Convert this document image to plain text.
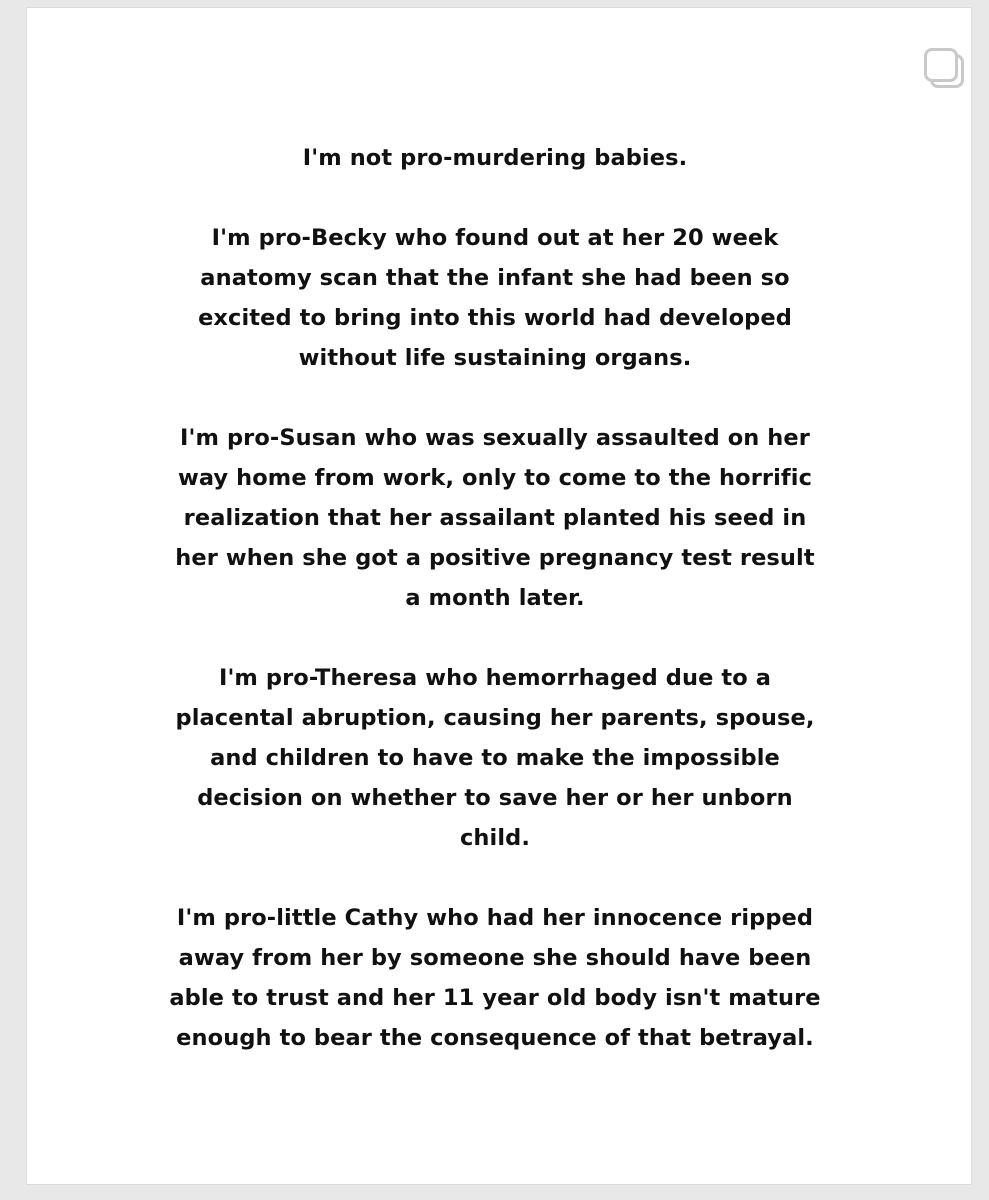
I'm not pro-murdering babies.

I'm pro-Becky who found out at her 20 week
anatomy scan that the infant she had been so
excited to bring into this world had developed
without life sustaining organs.

I'm pro-Susan who was sexually assaulted on her
way home from work, only to come to the horrific
realization that her assailant planted his seed in
her when she got a positive pregnancy test result
a month later.

I'm pro-Theresa who hemorrhaged due to a
placental abruption, causing her parents, spouse,
and children to have to make the impossible
decision on whether to save her or her unborn
child.

I'm pro-little Cathy who had her innocence ripped
away from her by someone she should have been
able to trust and her 11 year old body isn't mature
enough to bear the consequence of that betrayal.
